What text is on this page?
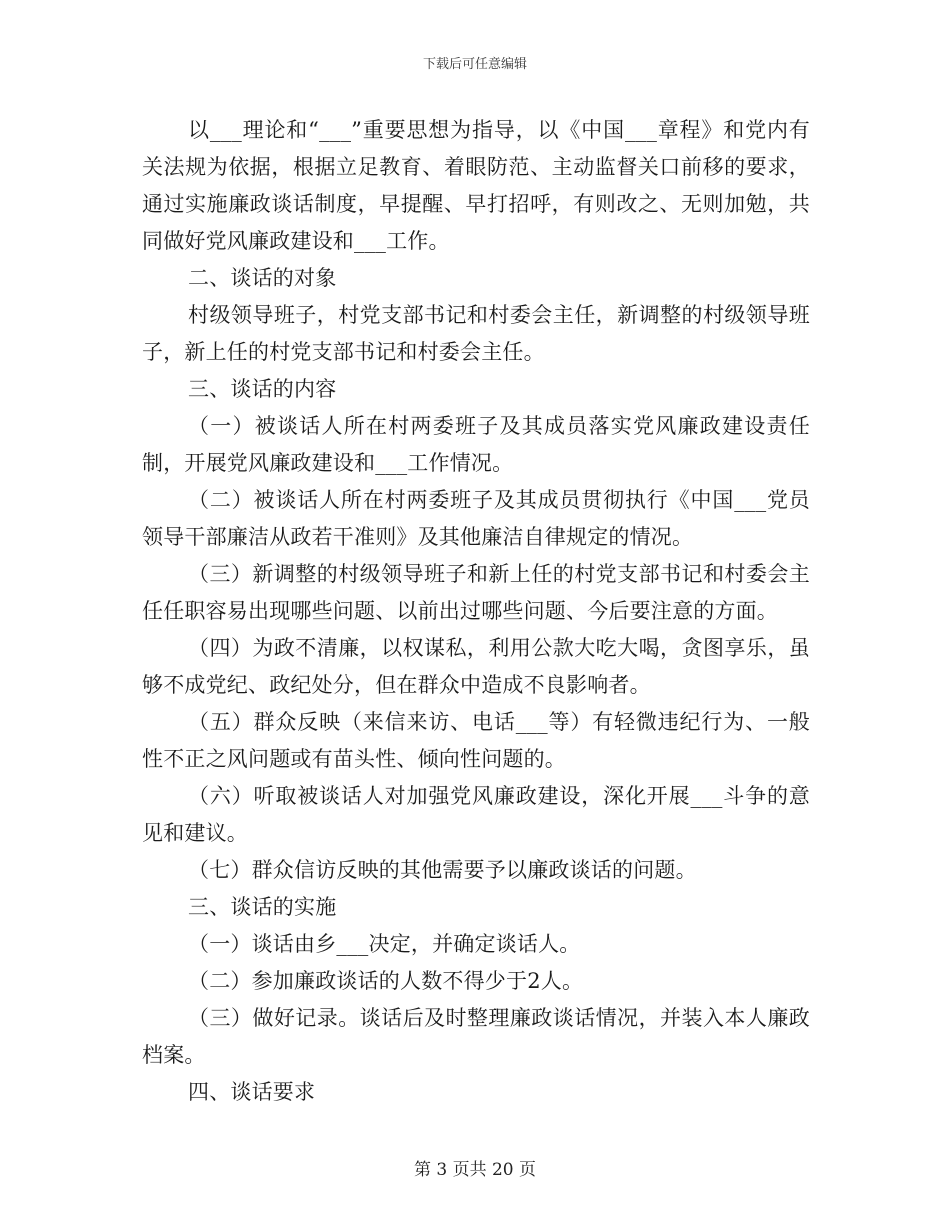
下载后可任意编辑

以___理论和“___”重要思想为指导，以《中国___章程》和党内有关法规为依据，根据立足教育、着眼防范、主动监督关口前移的要求，通过实施廉政谈话制度，早提醒、早打招呼，有则改之、无则加勉，共同做好党风廉政建设和___工作。

二、谈话的对象

村级领导班子，村党支部书记和村委会主任，新调整的村级领导班子，新上任的村党支部书记和村委会主任。

三、谈话的内容

（一）被谈话人所在村两委班子及其成员落实党风廉政建设责任制，开展党风廉政建设和___工作情况。

（二）被谈话人所在村两委班子及其成员贯彻执行《中国___党员领导干部廉洁从政若干准则》及其他廉洁自律规定的情况。

（三）新调整的村级领导班子和新上任的村党支部书记和村委会主任任职容易出现哪些问题、以前出过哪些问题、今后要注意的方面。

（四）为政不清廉，以权谋私，利用公款大吃大喝，贪图享乐，虽够不成党纪、政纪处分，但在群众中造成不良影响者。

（五）群众反映（来信来访、电话___等）有轻微违纪行为、一般性不正之风问题或有苗头性、倾向性问题的。

（六）听取被谈话人对加强党风廉政建设，深化开展___斗争的意见和建议。

（七）群众信访反映的其他需要予以廉政谈话的问题。

三、谈话的实施

（一）谈话由乡___决定，并确定谈话人。

（二）参加廉政谈话的人数不得少于2人。

（三）做好记录。谈话后及时整理廉政谈话情况，并装入本人廉政档案。

四、谈话要求

第 3 页共 20 页
